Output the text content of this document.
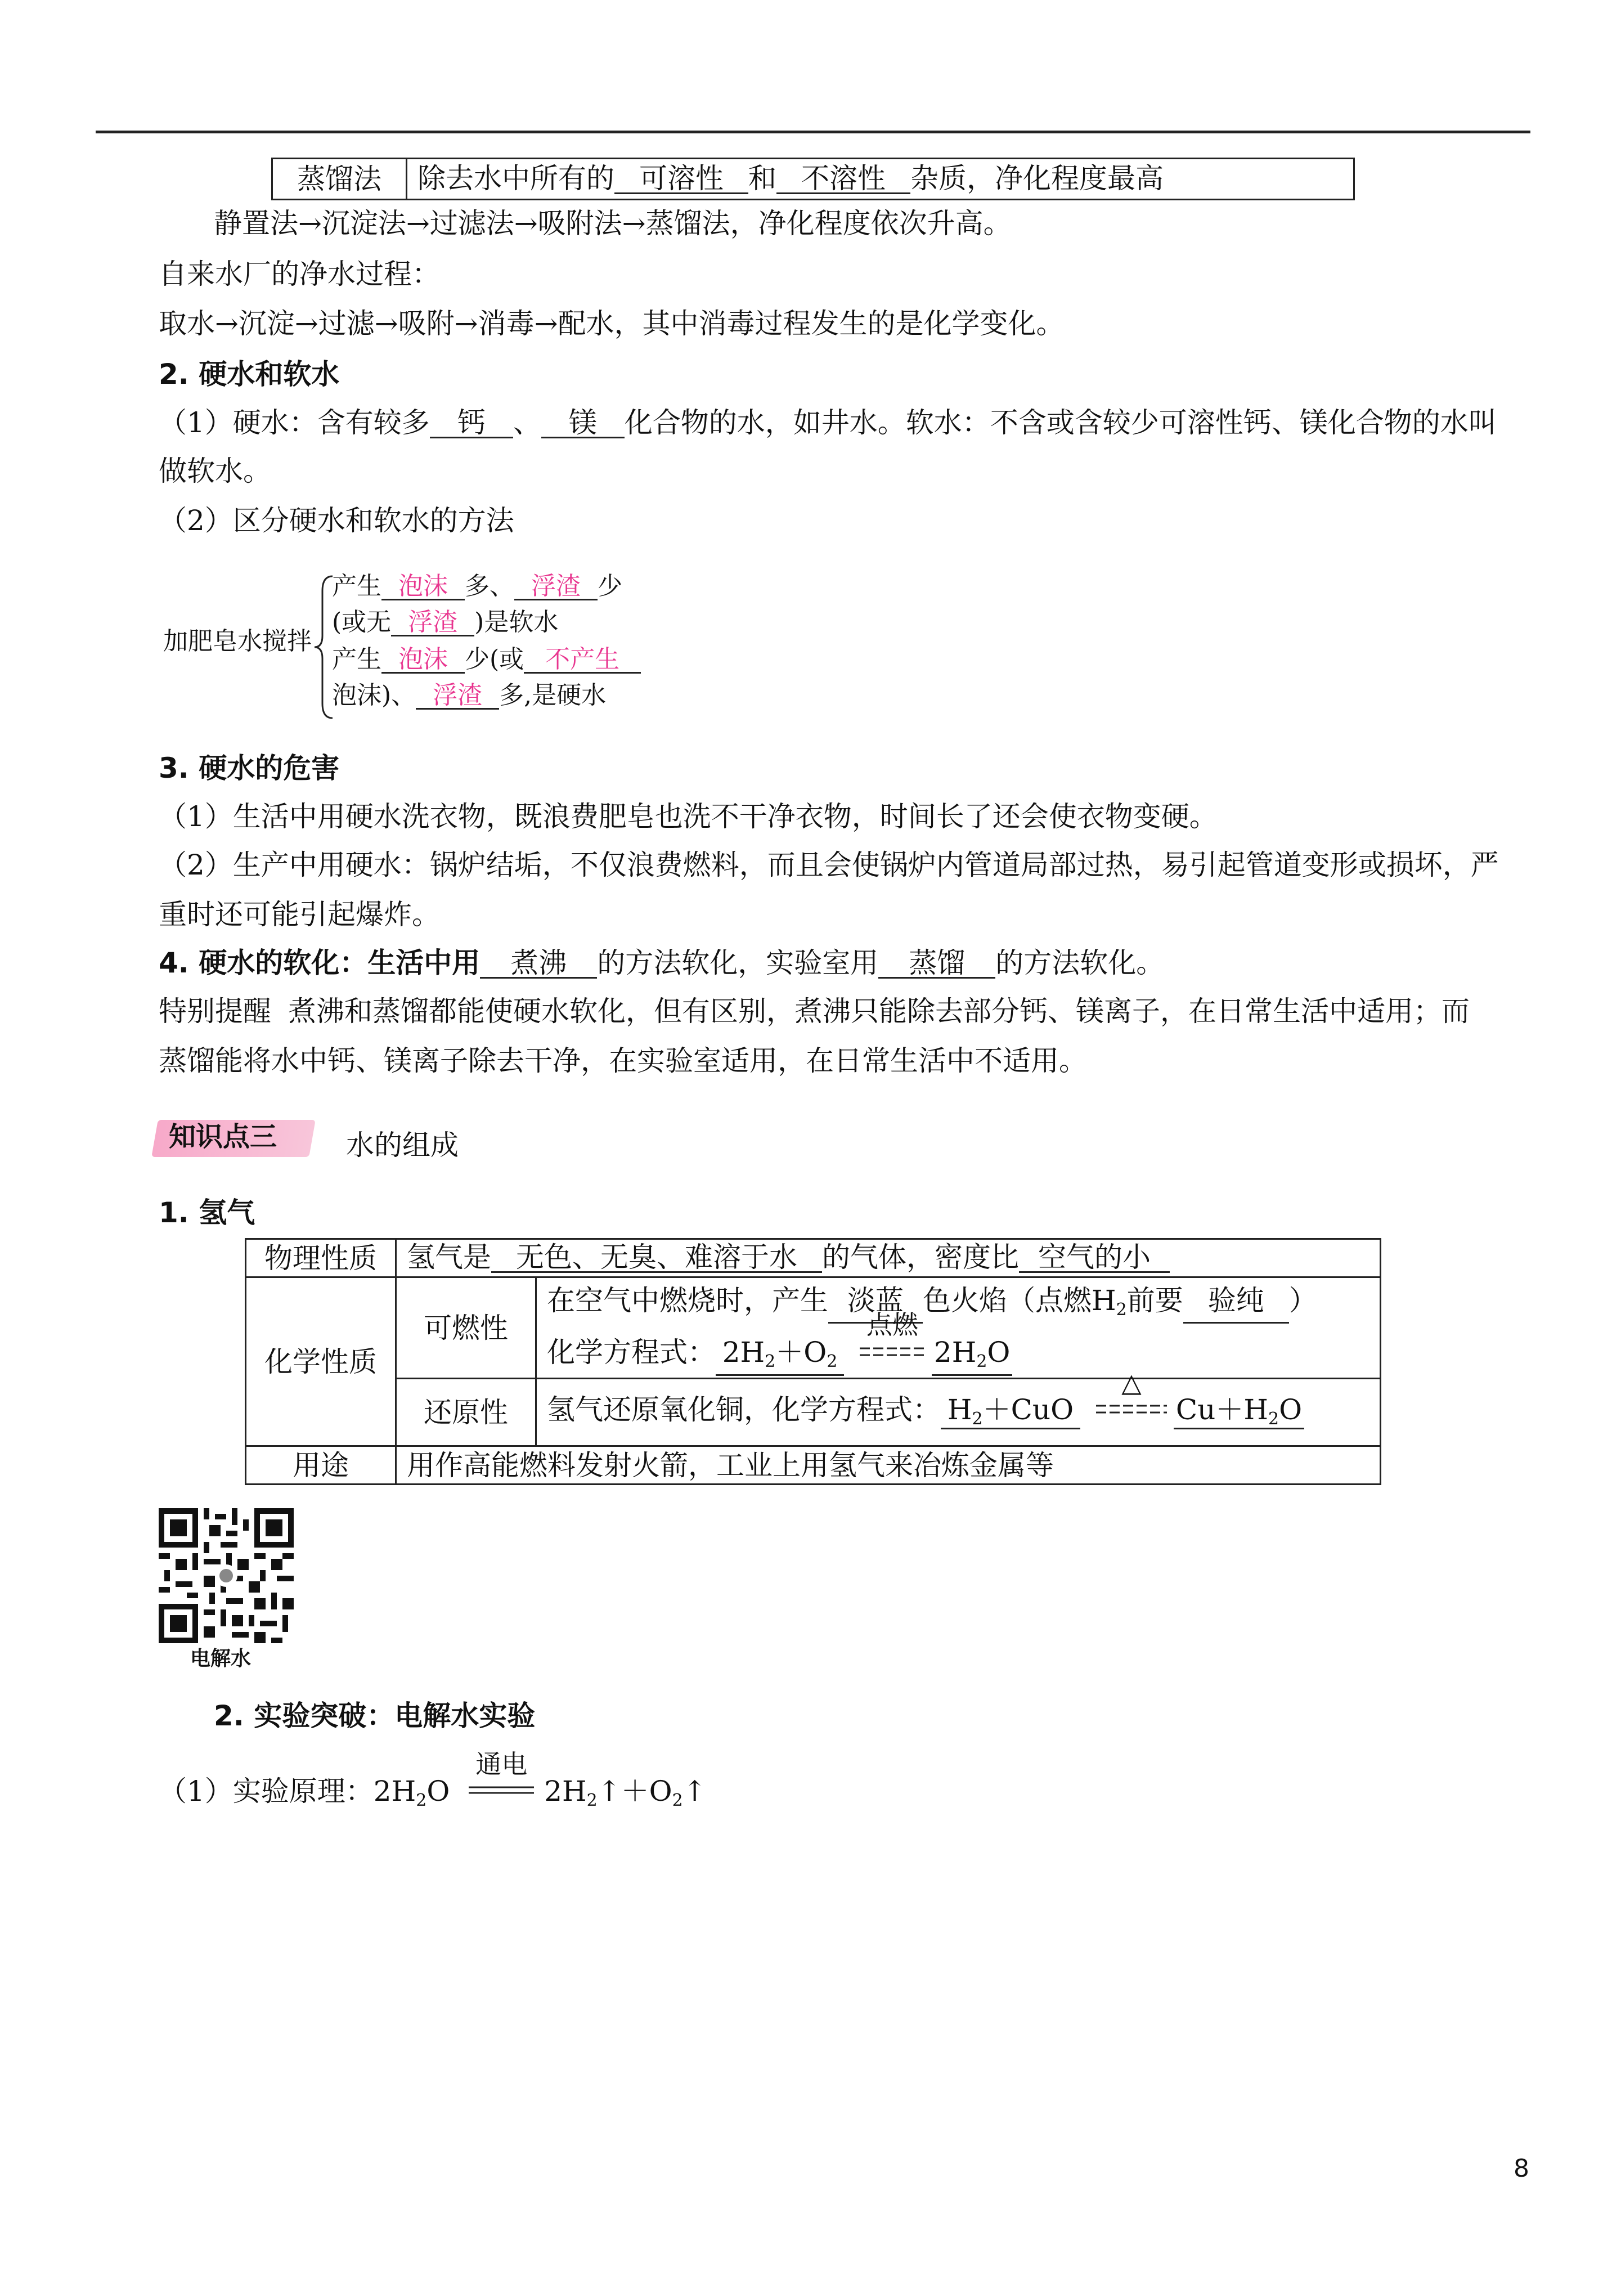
蒸馏法	除去水中所有的 可溶性 和 不溶性 杂质，净化程度最高
静置法→沉淀法→过滤法→吸附法→蒸馏法，净化程度依次升高。
自来水厂的净水过程：
取水→沉淀→过滤→吸附→消毒→配水，其中消毒过程发生的是化学变化。
2. 硬水和软水
（1）硬水：含有较多 钙 、 镁 化合物的水，如井水。软水：不含或含较少可溶性钙、镁化合物的水叫
做软水。
（2）区分硬水和软水的方法
加肥皂水搅拌
产生 泡沫 多、 浮渣 少
(或无 浮渣 )是软水
产生 泡沫 少(或 不产生
泡沫)、 浮渣 多,是硬水
3. 硬水的危害
（1）生活中用硬水洗衣物，既浪费肥皂也洗不干净衣物，时间长了还会使衣物变硬。
（2）生产中用硬水：锅炉结垢，不仅浪费燃料，而且会使锅炉内管道局部过热，易引起管道变形或损坏，严
重时还可能引起爆炸。
4. 硬水的软化：生活中用 煮沸 的方法软化，实验室用 蒸馏 的方法软化。
特别提醒 煮沸和蒸馏都能使硬水软化，但有区别，煮沸只能除去部分钙、镁离子，在日常生活中适用；而
蒸馏能将水中钙、镁离子除去干净，在实验室适用，在日常生活中不适用。
知识点三 水的组成
1. 氢气
物理性质	氢气是 无色、无臭、难溶于水 的气体，密度比 空气的小	
化学性质	可燃性	在空气中燃烧时，产生 淡蓝 色火焰（点燃$H_2$前要 验纯 ）
化学方程式： $2H_2+O_2$
点燃
$2H_2O$

	还原性	氢气还原氧化铜，化学方程式： $H_2+CuO$
△
$Cu+H_2O$
用途	用作高能燃料发射火箭，工业上用氢气来冶炼金属等	
电解水
2. 实验突破：电解水实验
（1）实验原理：$2H_2O$
通电
$2H_2↑+O_2↑$
8
